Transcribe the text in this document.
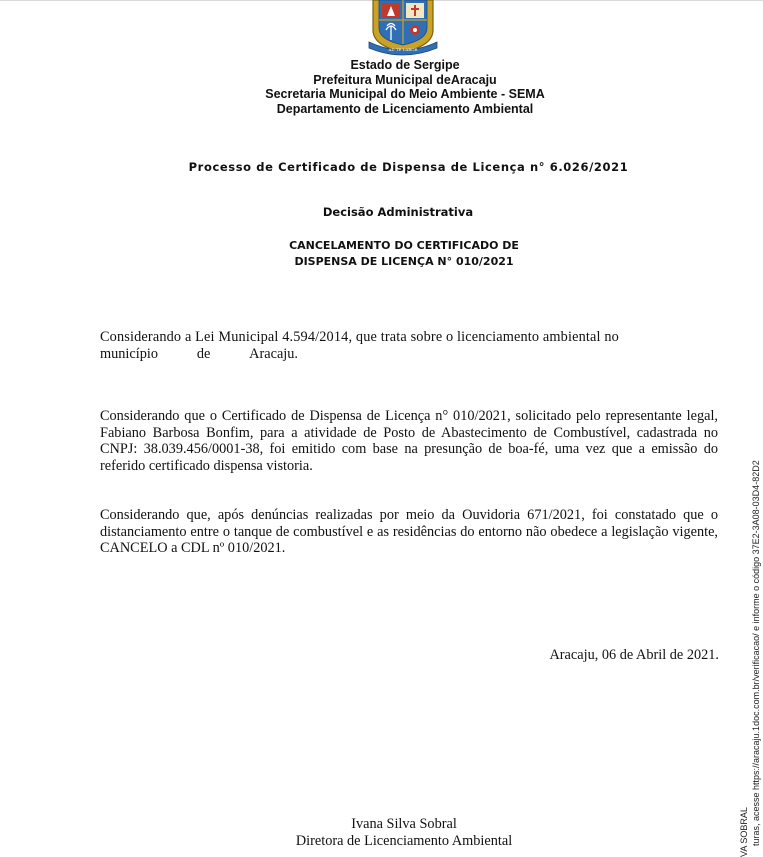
AD TE LABOR
Estado de Sergipe
Prefeitura Municipal deAracaju
Secretaria Municipal do Meio Ambiente - SEMA
Departamento de Licenciamento Ambiental
Processo de Certificado de Dispensa de Licença n° 6.026/2021
Decisão Administrativa
CANCELAMENTO DO CERTIFICADO DE
DISPENSA DE LICENÇA N° 010/2021
Considerando a Lei Municipal 4.594/2014, que trata sobre o licenciamento ambiental no
município	de	Aracaju.
Considerando que o Certificado de Dispensa de Licença n° 010/2021, solicitado pelo representante legal, Fabiano Barbosa Bonfim, para a atividade de Posto de Abastecimento de Combustível, cadastrada no CNPJ: 38.039.456/0001-38, foi emitido com base na presunção de boa-fé, uma vez que a emissão do referido certificado dispensa vistoria.
Considerando que, após denúncias realizadas por meio da Ouvidoria 671/2021, foi constatado que o distanciamento entre o tanque de combustível e as residências do entorno não obedece a legislação vigente, CANCELO a CDL nº 010/2021.
Aracaju, 06 de Abril de 2021.
Ivana Silva Sobral
Diretora de Licenciamento Ambiental	VA SOBRAL turas, acesse https://aracaju.1doc.com.br/verificacao/ e informe o código 37E2-3A08-03D4-82D2
